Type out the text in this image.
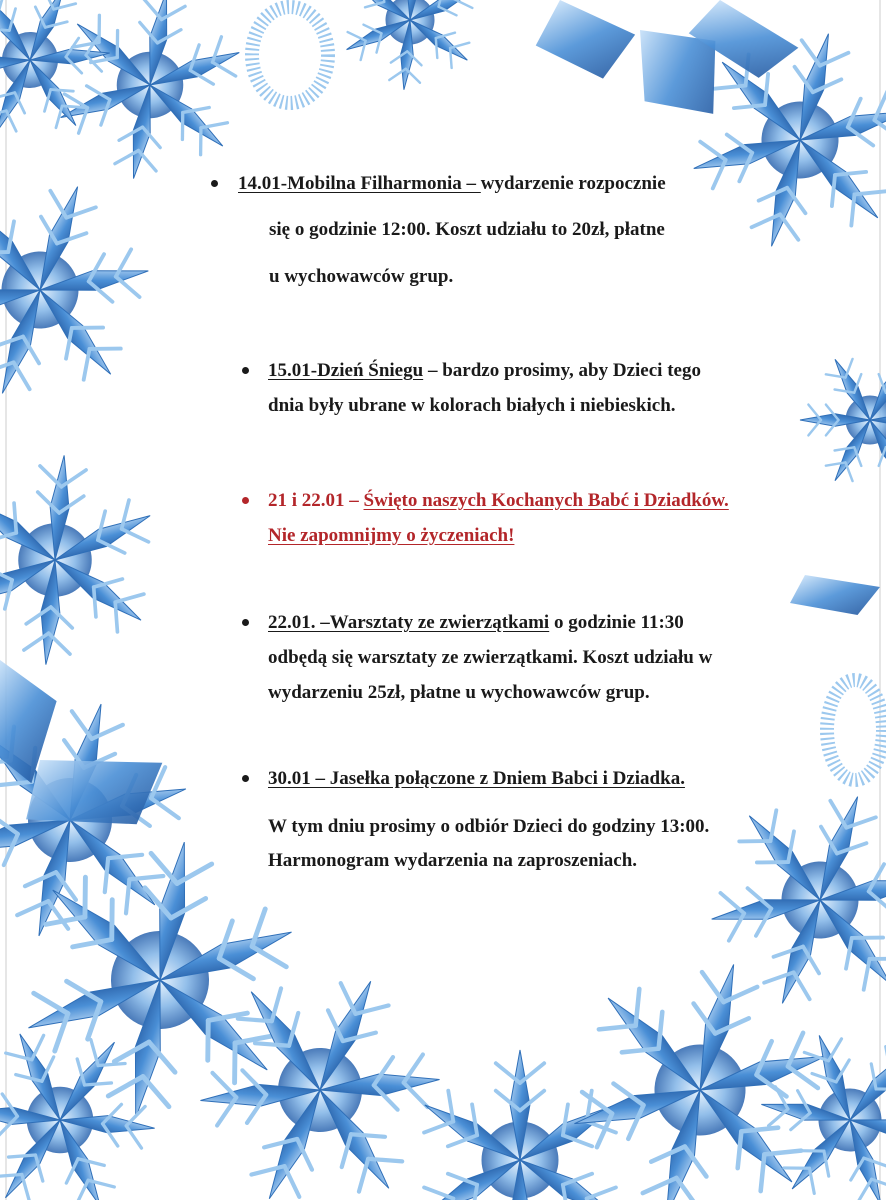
14.01-Mobilna Filharmonia – wydarzenie rozpocznie

się o godzinie 12:00. Koszt udziału to 20zł, płatne

u wychowawców grup.

15.01-Dzień Śniegu – bardzo prosimy, aby Dzieci tego

dnia były ubrane w kolorach białych i niebieskich.

21 i 22.01 – Święto naszych Kochanych Babć i Dziadków.

Nie zapomnijmy o życzeniach!

22.01. –Warsztaty ze zwierzątkami o godzinie 11:30

odbędą się warsztaty ze zwierzątkami. Koszt udziału w

wydarzeniu 25zł, płatne u wychowawców grup.

30.01 – Jasełka połączone z Dniem Babci i Dziadka.

W tym dniu prosimy o odbiór Dzieci do godziny 13:00.

Harmonogram wydarzenia na zaproszeniach.
